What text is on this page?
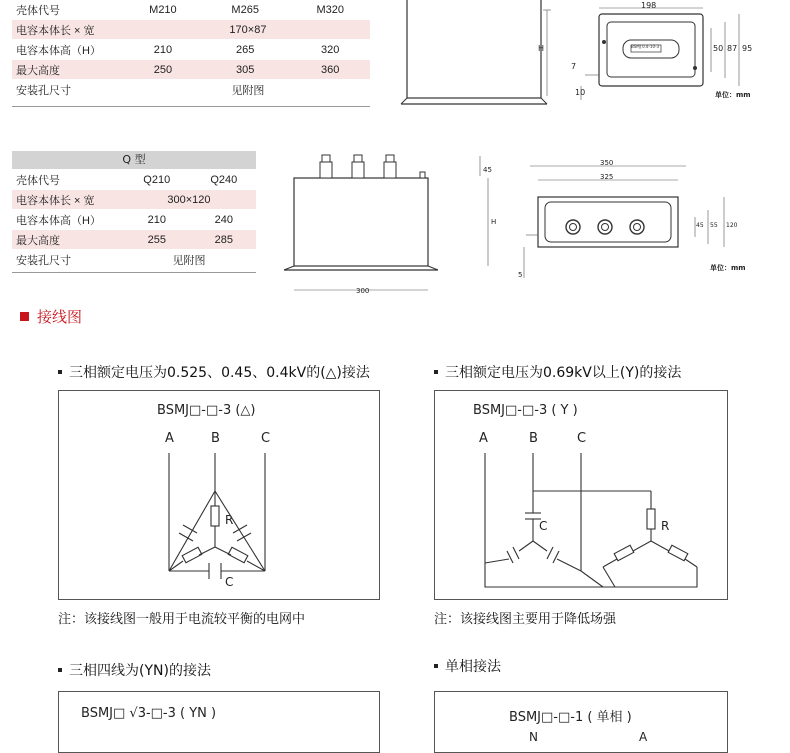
壳体代号	M210	M265	M320
电容本体长 × 宽	170×87		
电容本体高（H）	210	265	320
最大高度	250	305	360
安装孔尺寸	见附图		
198
H	BSMJ 0.4-10-3	50 87 95
7
10	单位：mm
Q 型
壳体代号	Q210	Q240
电容本体长 × 宽	300×120	
电容本体高（H）	210	240
最大高度	255	285
安装孔尺寸	见附图	
300
45
H
350
325
45 55 120
5
单位：mm
接线图
三相额定电压为0.525、0.45、0.4kV的(△)接法
BSMJ□-□-3 (△)
A	B	C
R
C
注：该接线图一般用于电流较平衡的电网中
三相额定电压为0.69kV以上(Y)的接法
BSMJ□-□-3 ( Y )
A	B	C
C	R
注：该接线图主要用于降低场强
三相四线为(YN)的接法
BSMJ□ √3-□-3 ( YN )
单相接法
BSMJ□-□-1 ( 单相 )
N	A
